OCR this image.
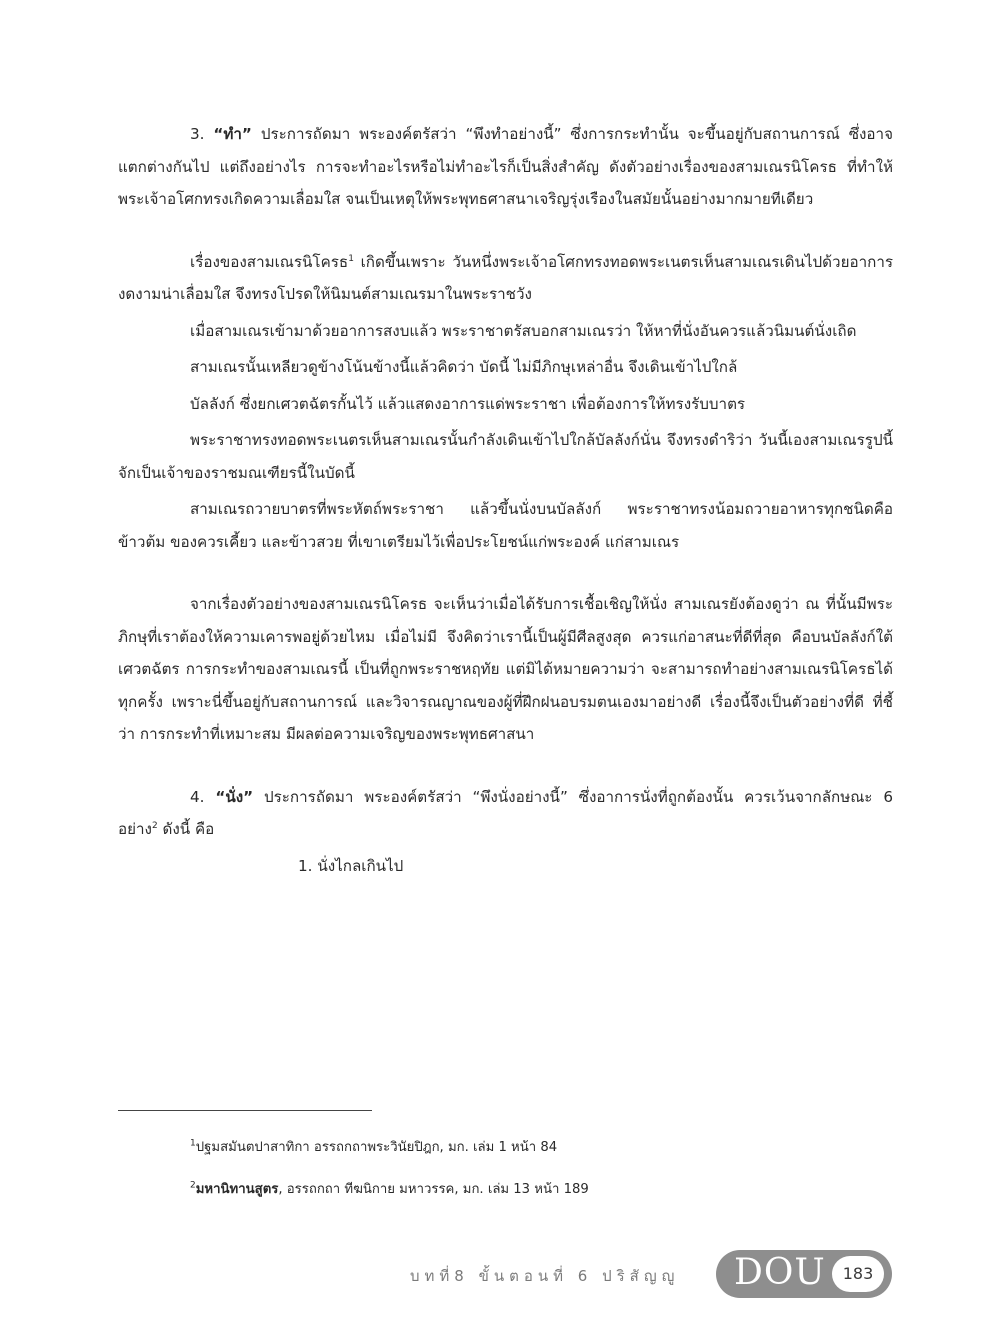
3. “ทำ” ประการถัดมา พระองค์ตรัสว่า “พึงทำอย่างนี้” ซึ่งการกระทำนั้น จะขึ้นอยู่กับสถานการณ์ ซึ่งอาจแตกต่างกันไป แต่ถึงอย่างไร การจะทำอะไรหรือไม่ทำอะไรก็เป็นสิ่งสำคัญ ดังตัวอย่างเรื่องของสามเณรนิโครธ ที่ทำให้พระเจ้าอโศกทรงเกิดความเลื่อมใส จนเป็นเหตุให้พระพุทธศาสนาเจริญรุ่งเรืองในสมัยนั้นอย่างมากมายทีเดียว

เรื่องของสามเณรนิโครธ$^1$ เกิดขึ้นเพราะ วันหนึ่งพระเจ้าอโศกทรงทอดพระเนตรเห็นสามเณรเดินไปด้วยอาการงดงามน่าเลื่อมใส จึงทรงโปรดให้นิมนต์สามเณรมาในพระราชวัง

เมื่อสามเณรเข้ามาด้วยอาการสงบแล้ว พระราชาตรัสบอกสามเณรว่า ให้หาที่นั่งอันควรแล้วนิมนต์นั่งเถิด

สามเณรนั้นเหลียวดูข้างโน้นข้างนี้แล้วคิดว่า บัดนี้ ไม่มีภิกษุเหล่าอื่น จึงเดินเข้าไปใกล้

บัลลังก์ ซึ่งยกเศวตฉัตรกั้นไว้ แล้วแสดงอาการแด่พระราชา เพื่อต้องการให้ทรงรับบาตร

พระราชาทรงทอดพระเนตรเห็นสามเณรนั้นกำลังเดินเข้าไปใกล้บัลลังก์นั่น จึงทรงดำริว่า วันนี้เองสามเณรรูปนี้จักเป็นเจ้าของราชมณเฑียรนี้ในบัดนี้

สามเณรถวายบาตรที่พระหัตถ์พระราชา แล้วขึ้นนั่งบนบัลลังก์ พระราชาทรงน้อมถวายอาหารทุกชนิดคือข้าวต้ม ของควรเคี้ยว และข้าวสวย ที่เขาเตรียมไว้เพื่อประโยชน์แก่พระองค์ แก่สามเณร

จากเรื่องตัวอย่างของสามเณรนิโครธ จะเห็นว่าเมื่อได้รับการเชื้อเชิญให้นั่ง สามเณรยังต้องดูว่า ณ ที่นั้นมีพระภิกษุที่เราต้องให้ความเคารพอยู่ด้วยไหม เมื่อไม่มี จึงคิดว่าเรานี้เป็นผู้มีศีลสูงสุด ควรแก่อาสนะที่ดีที่สุด คือบนบัลลังก์ใต้เศวตฉัตร การกระทำของสามเณรนี้ เป็นที่ถูกพระราชหฤทัย แต่มิได้หมายความว่า จะสามารถทำอย่างสามเณรนิโครธได้ทุกครั้ง เพราะนี่ขึ้นอยู่กับสถานการณ์ และวิจารณญาณของผู้ที่ฝึกฝนอบรมตนเองมาอย่างดี เรื่องนี้จึงเป็นตัวอย่างที่ดี ที่ชี้ว่า การกระทำที่เหมาะสม มีผลต่อความเจริญของพระพุทธศาสนา

4. “นั่ง” ประการถัดมา พระองค์ตรัสว่า “พึงนั่งอย่างนี้” ซึ่งอาการนั่งที่ถูกต้องนั้น ควรเว้นจากลักษณะ 6 อย่าง$^2$ ดังนี้ คือ

1. นั่งไกลเกินไป

$^1$ปฐมสมันตปาสาทิกา อรรถกถาพระวินัยปิฎก, มก. เล่ม 1 หน้า 84

$^2$มหานิทานสูตร, อรรถกถา ทีฆนิกาย มหาวรรค, มก. เล่ม 13 หน้า 189

บทที่8 ขั้นตอนที่ 6 ปริสัญญู DOU	183
